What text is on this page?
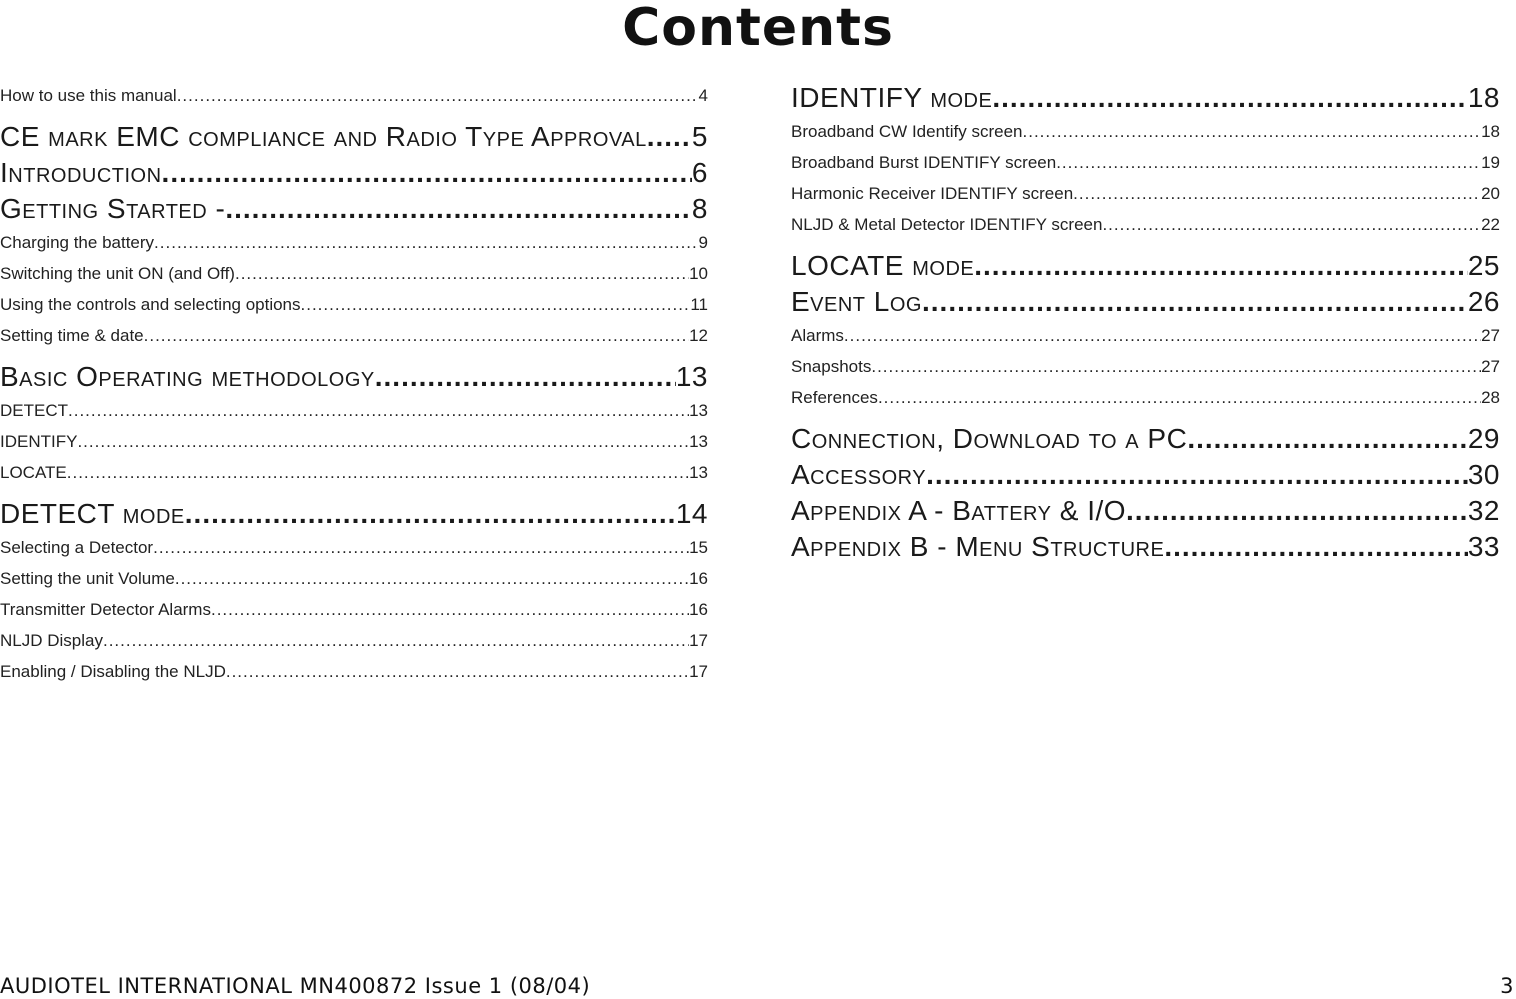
Contents
How to use this manual .....	4
CE mark EMC compliance and Radio Type Approval ..... 5
Introduction .....	6
Getting Started - .....	8
Charging the battery .....	9
Switching the unit ON (and Off) .....	10
Using the controls and selecting options .....	11
Setting time & date .....	12
Basic Operating methodology .....	13
DETECT .....	13
IDENTIFY .....	13
LOCATE .....	13
DETECT mode .....	14
Selecting a Detector .....	15
Setting the unit Volume .....	16
Transmitter Detector Alarms .....	16
NLJD Display .....	17
Enabling / Disabling the NLJD .....	17
IDENTIFY mode .....	18
Broadband CW Identify screen .....	18
Broadband Burst IDENTIFY screen .....	19
Harmonic Receiver IDENTIFY screen .....	20
NLJD & Metal Detector IDENTIFY screen .....	22
LOCATE mode .....	25
Event Log .....	26
Alarms .....	27
Snapshots .....	27
References .....	28
Connection, Download to a PC .....	29
Accessory .....	30
Appendix A - Battery & I/O .....	32
Appendix B - Menu Structure .....	33
AUDIOTEL INTERNATIONAL MN400872 Issue 1 (08/04)	3
